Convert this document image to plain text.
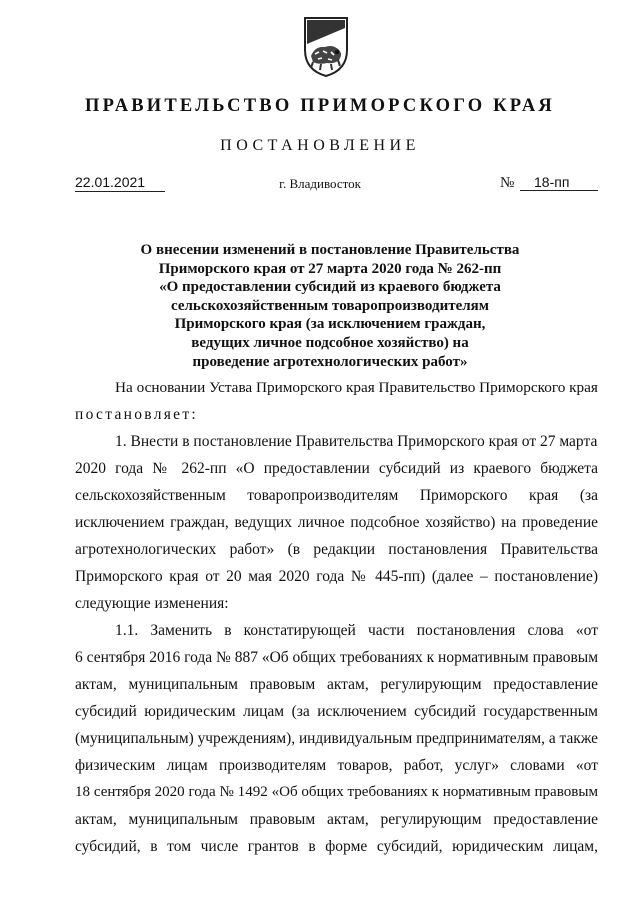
ПРАВИТЕЛЬСТВО ПРИМОРСКОГО КРАЯ
ПОСТАНОВЛЕНИЕ
22.01.2021	г. Владивосток	№	18-пп
О внесении изменений в постановление Правительства
Приморского края от 27 марта 2020 года № 262-пп
«О предоставлении субсидий из краевого бюджета
сельскохозяйственным товаропроизводителям
Приморского края (за исключением граждан,
ведущих личное подсобное хозяйство) на
проведение агротехнологических работ»
На основании Устава Приморского края Правительство Приморского края
постановляет:
1. Внести в постановление Правительства Приморского края от 27 марта
2020 года № 262-пп «О предоставлении субсидий из краевого бюджета
сельскохозяйственным товаропроизводителям Приморского края (за
исключением граждан, ведущих личное подсобное хозяйство) на проведение
агротехнологических работ» (в редакции постановления Правительства
Приморского края от 20 мая 2020 года № 445-пп) (далее – постановление)
следующие изменения:
1.1. Заменить в констатирующей части постановления слова «от
6 сентября 2016 года № 887 «Об общих требованиях к нормативным правовым
актам, муниципальным правовым актам, регулирующим предоставление
субсидий юридическим лицам (за исключением субсидий государственным
(муниципальным) учреждениям), индивидуальным предпринимателям, а также
физическим лицам производителям товаров, работ, услуг» словами «от
18 сентября 2020 года № 1492 «Об общих требованиях к нормативным правовым
актам, муниципальным правовым актам, регулирующим предоставление
субсидий, в том числе грантов в форме субсидий, юридическим лицам,
